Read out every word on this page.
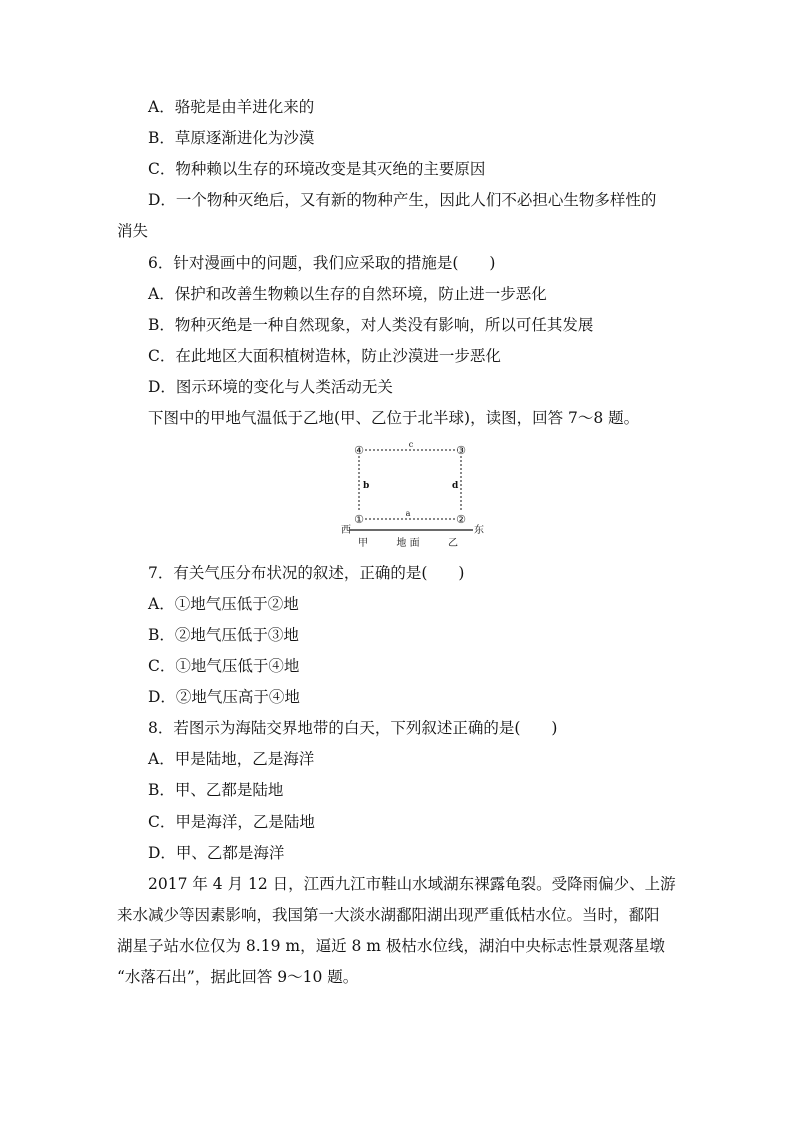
A．骆驼是由羊进化来的
B．草原逐渐进化为沙漠
C．物种赖以生存的环境改变是其灭绝的主要原因
D．一个物种灭绝后，又有新的物种产生，因此人们不必担心生物多样性的
消失
6．针对漫画中的问题，我们应采取的措施是(　　)
A．保护和改善生物赖以生存的自然环境，防止进一步恶化
B．物种灭绝是一种自然现象，对人类没有影响，所以可任其发展
C．在此地区大面积植树造林，防止沙漠进一步恶化
D．图示环境的变化与人类活动无关
下图中的甲地气温低于乙地(甲、乙位于北半球)，读图，回答 7～8 题。
④	③
①	②
c
b	d
a
西	东
甲	地 面	乙
7．有关气压分布状况的叙述，正确的是(　　)
A．①地气压低于②地
B．②地气压低于③地
C．①地气压低于④地
D．②地气压高于④地
8．若图示为海陆交界地带的白天，下列叙述正确的是(　　)
A．甲是陆地，乙是海洋
B．甲、乙都是陆地
C．甲是海洋，乙是陆地
D．甲、乙都是海洋
2017 年 4 月 12 日，江西九江市鞋山水域湖东裸露龟裂。受降雨偏少、上游
来水减少等因素影响，我国第一大淡水湖鄱阳湖出现严重低枯水位。当时，鄱阳
湖星子站水位仅为 8.19 m，逼近 8 m 极枯水位线，湖泊中央标志性景观落星墩
“水落石出”，据此回答 9～10 题。
